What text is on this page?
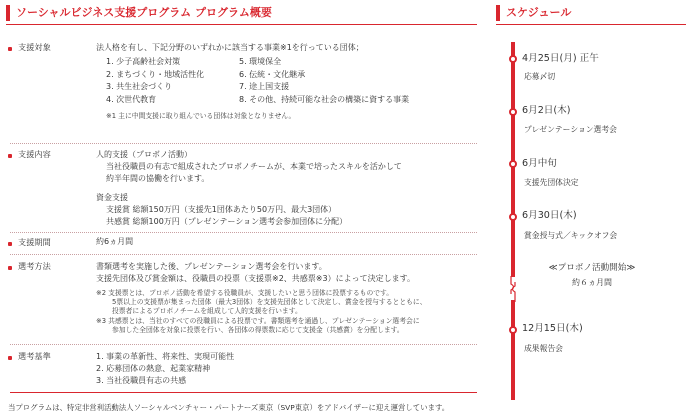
ソーシャルビジネス支援プログラム プログラム概要	スケジュール
支援対象	法人格を有し、下記分野のいずれかに該当する事業※1を行っている団体；
1. 少子高齢社会対策	5. 環境保全
2. まちづくり・地域活性化	6. 伝統・文化継承
3. 共生社会づくり	7. 途上国支援
4. 次世代教育	8. その他、持続可能な社会の構築に資する事業
※1 主に中間支援に取り組んでいる団体は対象となりません。
支援内容	人的支援（プロボノ活動）
当社役職員の有志で組成されたプロボノチームが、本業で培ったスキルを活かして
約半年間の協働を行います。
資金支援
支援賞 総額150万円（支援先1団体あたり50万円、最大3団体）
共感賞 総額100万円（プレゼンテーション選考会参加団体に分配）
支援期間	約6ヵ月間
選考方法	書類選考を実施した後、プレゼンテーション選考会を行います。
支援先団体及び賞金額は、役職員の投票（支援票※2、共感票※3）によって決定します。
※2 支援票とは、プロボノ活動を希望する役職員が、支援したいと思う団体に投票するものです。
5票以上の支援票が集まった団体（最大3団体）を支援先団体として決定し、賞金を授与するとともに、
投票者によるプロボノチームを組成して人的支援を行います。
※3 共感票とは、当社のすべての役職員による投票です。書類選考を通過し、プレゼンテーション選考会に
参加した全団体を対象に投票を行い、各団体の得票数に応じて支援金（共感賞）を分配します。
選考基準	1. 事業の革新性、将来性、実現可能性
2. 応募団体の熱意、起業家精神
3. 当社役職員有志の共感
当プログラムは、特定非営利活動法人ソーシャルベンチャー・パートナーズ東京（SVP東京）をアドバイザーに迎え運営しています。
4月25日(月) 正午
応募〆切
6月2日(木)
プレゼンテーション選考会
6月中旬
支援先団体決定
6月30日(木)
賞金授与式／キックオフ会
≪プロボノ活動開始≫
約６ヵ月間
12月15日(木)
成果報告会
